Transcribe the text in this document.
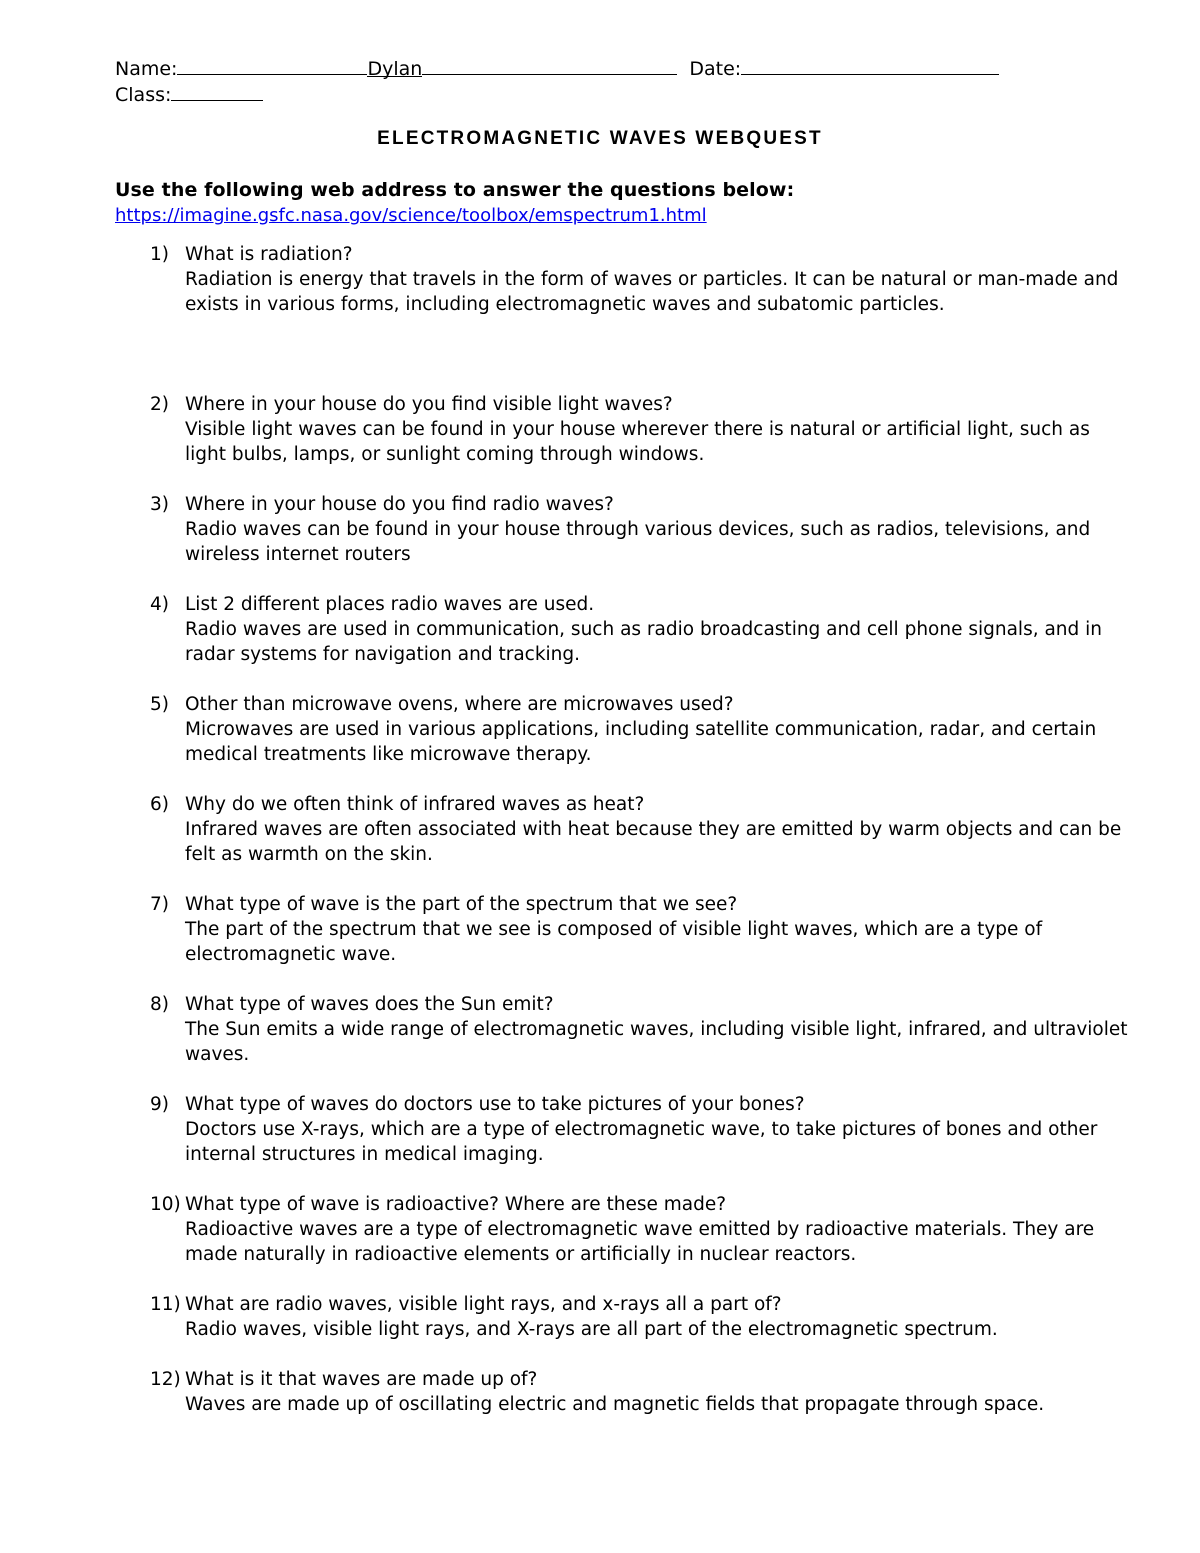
Name:	Dylan	Date:
Class:
ELECTROMAGNETIC WAVES WEBQUEST
Use the following web address to answer the questions below:
https://imagine.gsfc.nasa.gov/science/toolbox/emspectrum1.html
1) What is radiation?
Radiation is energy that travels in the form of waves or particles. It can be natural or man-made and exists in various forms, including electromagnetic waves and subatomic particles.
2) Where in your house do you find visible light waves?
Visible light waves can be found in your house wherever there is natural or artificial light, such as light bulbs, lamps, or sunlight coming through windows.
3) Where in your house do you find radio waves?
Radio waves can be found in your house through various devices, such as radios, televisions, and wireless internet routers
4) List 2 different places radio waves are used.
Radio waves are used in communication, such as radio broadcasting and cell phone signals, and in radar systems for navigation and tracking.
5) Other than microwave ovens, where are microwaves used?
Microwaves are used in various applications, including satellite communication, radar, and certain medical treatments like microwave therapy.
6) Why do we often think of infrared waves as heat?
Infrared waves are often associated with heat because they are emitted by warm objects and can be felt as warmth on the skin.
7) What type of wave is the part of the spectrum that we see?
The part of the spectrum that we see is composed of visible light waves, which are a type of electromagnetic wave.
8) What type of waves does the Sun emit?
The Sun emits a wide range of electromagnetic waves, including visible light, infrared, and ultraviolet waves.
9) What type of waves do doctors use to take pictures of your bones?
Doctors use X-rays, which are a type of electromagnetic wave, to take pictures of bones and other internal structures in medical imaging.
10) What type of wave is radioactive? Where are these made?
Radioactive waves are a type of electromagnetic wave emitted by radioactive materials. They are made naturally in radioactive elements or artificially in nuclear reactors.
11) What are radio waves, visible light rays, and x-rays all a part of?
Radio waves, visible light rays, and X-rays are all part of the electromagnetic spectrum.
12) What is it that waves are made up of?
Waves are made up of oscillating electric and magnetic fields that propagate through space.
